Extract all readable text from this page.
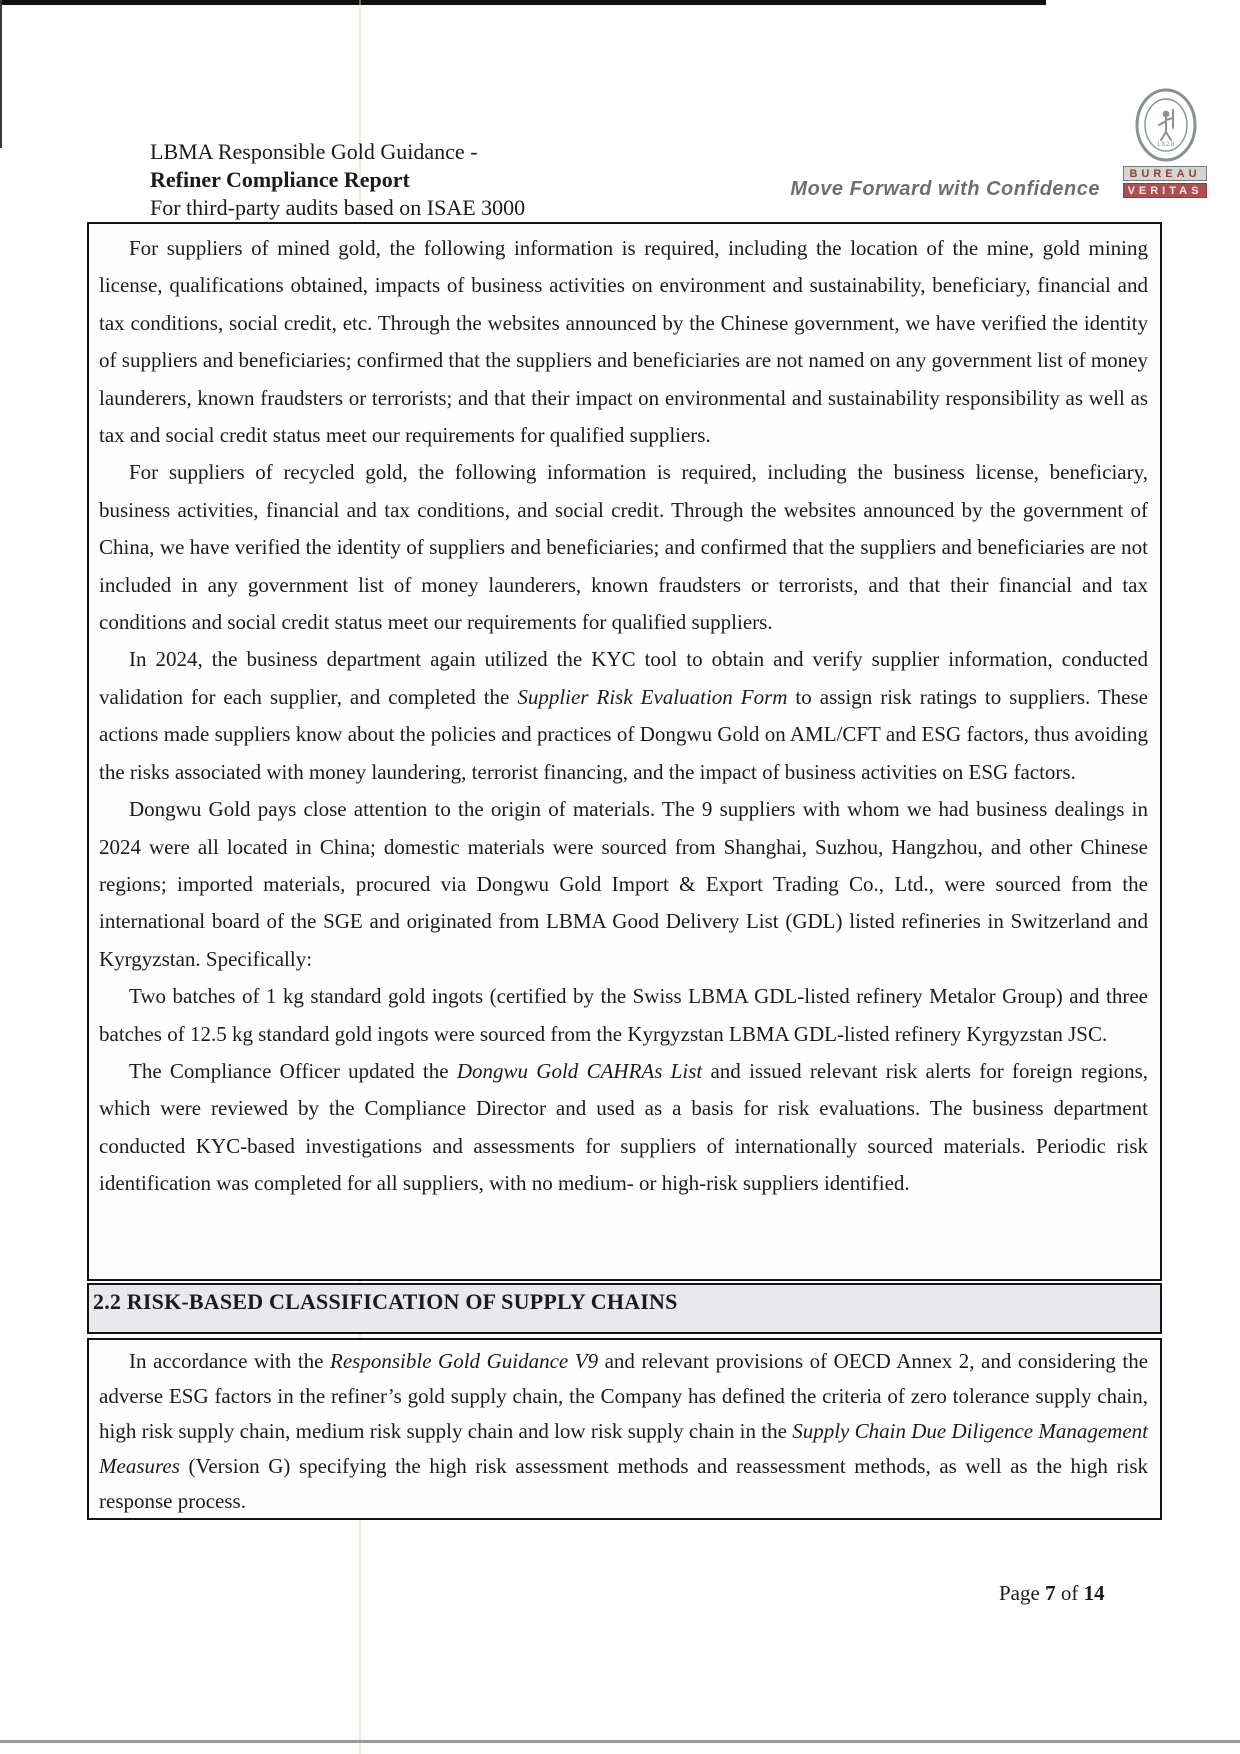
LBMA Responsible Gold Guidance -
Refiner Compliance Report
For third-party audits based on ISAE 3000
Move Forward with Confidence
1828
BUREAU
VERITAS

For suppliers of mined gold, the following information is required, including the location of the mine, gold mining license, qualifications obtained, impacts of business activities on environment and sustainability, beneficiary, financial and tax conditions, social credit, etc. Through the websites announced by the Chinese government, we have verified the identity of suppliers and beneficiaries; confirmed that the suppliers and beneficiaries are not named on any government list of money launderers, known fraudsters or terrorists; and that their impact on environmental and sustainability responsibility as well as tax and social credit status meet our requirements for qualified suppliers.

For suppliers of recycled gold, the following information is required, including the business license, beneficiary, business activities, financial and tax conditions, and social credit. Through the websites announced by the government of China, we have verified the identity of suppliers and beneficiaries; and confirmed that the suppliers and beneficiaries are not included in any government list of money launderers, known fraudsters or terrorists, and that their financial and tax conditions and social credit status meet our requirements for qualified suppliers.

In 2024, the business department again utilized the KYC tool to obtain and verify supplier information, conducted validation for each supplier, and completed the Supplier Risk Evaluation Form to assign risk ratings to suppliers. These actions made suppliers know about the policies and practices of Dongwu Gold on AML/CFT and ESG factors, thus avoiding the risks associated with money laundering, terrorist financing, and the impact of business activities on ESG factors.

Dongwu Gold pays close attention to the origin of materials. The 9 suppliers with whom we had business dealings in 2024 were all located in China; domestic materials were sourced from Shanghai, Suzhou, Hangzhou, and other Chinese regions; imported materials, procured via Dongwu Gold Import & Export Trading Co., Ltd., were sourced from the international board of the SGE and originated from LBMA Good Delivery List (GDL) listed refineries in Switzerland and Kyrgyzstan. Specifically:

Two batches of 1 kg standard gold ingots (certified by the Swiss LBMA GDL-listed refinery Metalor Group) and three batches of 12.5 kg standard gold ingots were sourced from the Kyrgyzstan LBMA GDL-listed refinery Kyrgyzstan JSC.

The Compliance Officer updated the Dongwu Gold CAHRAs List and issued relevant risk alerts for foreign regions, which were reviewed by the Compliance Director and used as a basis for risk evaluations. The business department conducted KYC-based investigations and assessments for suppliers of internationally sourced materials. Periodic risk identification was completed for all suppliers, with no medium- or high-risk suppliers identified.

2.2 RISK-BASED CLASSIFICATION OF SUPPLY CHAINS

In accordance with the Responsible Gold Guidance V9 and relevant provisions of OECD Annex 2, and considering the adverse ESG factors in the refiner’s gold supply chain, the Company has defined the criteria of zero tolerance supply chain, high risk supply chain, medium risk supply chain and low risk supply chain in the Supply Chain Due Diligence Management Measures (Version G) specifying the high risk assessment methods and reassessment methods, as well as the high risk response process.

Page 7 of 14
